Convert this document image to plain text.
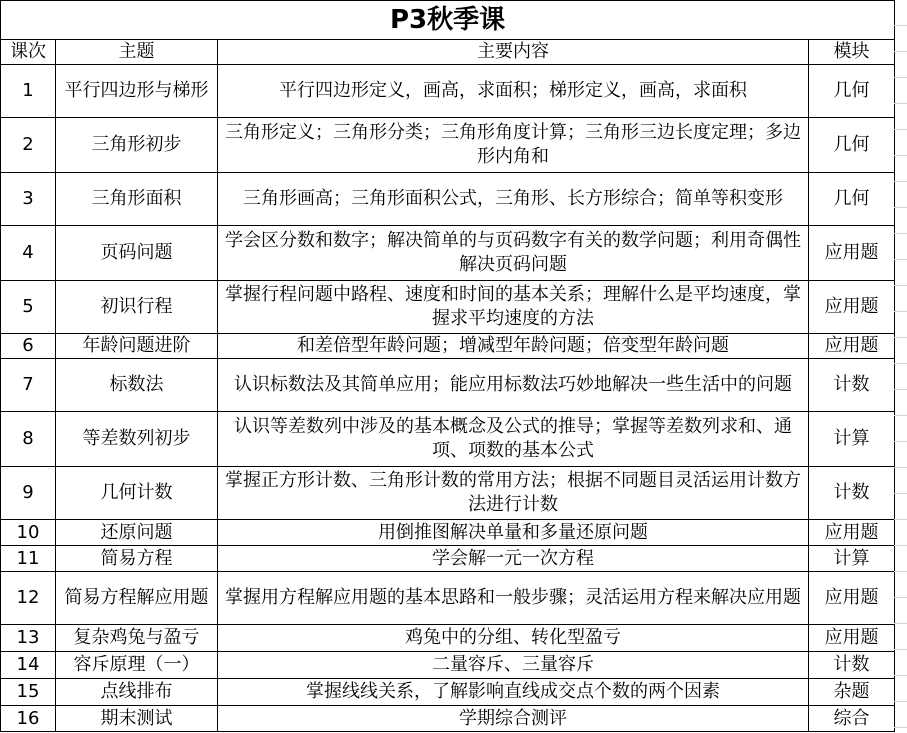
P3秋季课			
课次	主题	主要内容	模块
1	平行四边形与梯形	平行四边形定义，画高，求面积；梯形定义，画高，求面积	几何
2	三角形初步	三角形定义；三角形分类；三角形角度计算；三角形三边长度定理；多边形内角和	几何
3	三角形面积	三角形画高；三角形面积公式，三角形、长方形综合；简单等积变形	几何
4	页码问题	学会区分数和数字；解决简单的与页码数字有关的数学问题；利用奇偶性解决页码问题	应用题
5	初识行程	掌握行程问题中路程、速度和时间的基本关系；理解什么是平均速度，掌握求平均速度的方法	应用题
6	年龄问题进阶	和差倍型年龄问题；增减型年龄问题；倍变型年龄问题	应用题
7	标数法	认识标数法及其简单应用；能应用标数法巧妙地解决一些生活中的问题	计数
8	等差数列初步	认识等差数列中涉及的基本概念及公式的推导；掌握等差数列求和、通项、项数的基本公式	计算
9	几何计数	掌握正方形计数、三角形计数的常用方法；根据不同题目灵活运用计数方法进行计数	计数
10	还原问题	用倒推图解决单量和多量还原问题	应用题
11	简易方程	学会解一元一次方程	计算
12	简易方程解应用题	掌握用方程解应用题的基本思路和一般步骤；灵活运用方程来解决应用题	应用题
13	复杂鸡兔与盈亏	鸡兔中的分组、转化型盈亏	应用题
14	容斥原理（一）	二量容斥、三量容斥	计数
15	点线排布	掌握线线关系，了解影响直线成交点个数的两个因素	杂题
16	期末测试	学期综合测评	综合
